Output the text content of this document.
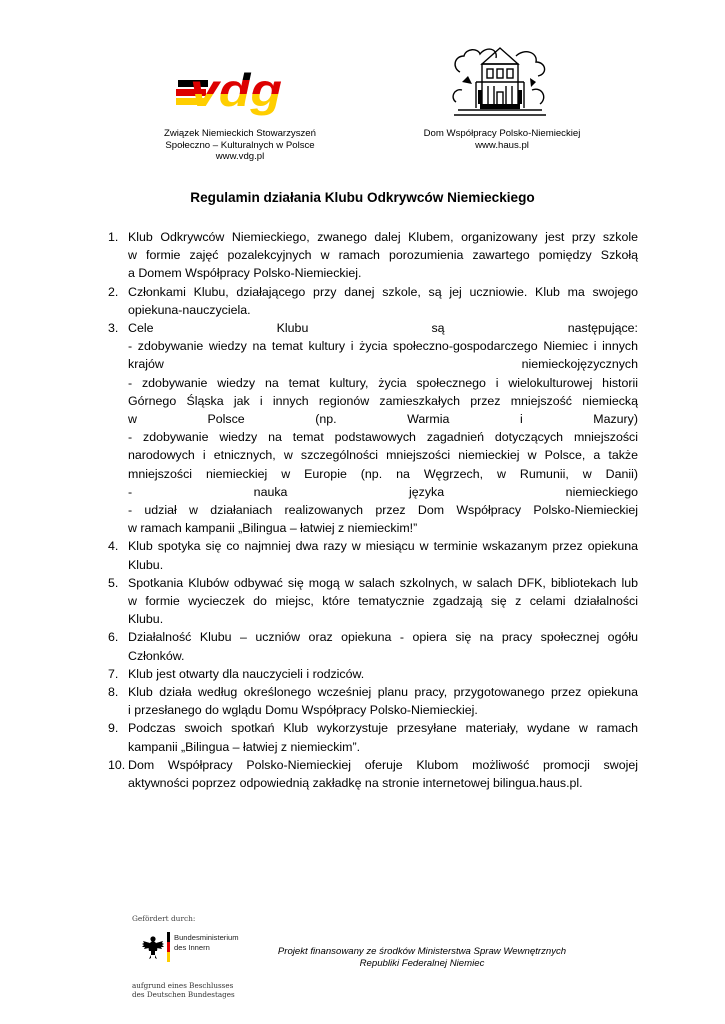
Związek Niemieckich Stowarzyszeń
Społeczno – Kulturalnych w Polsce
www.vdg.pl
Dom Współpracy Polsko-Niemieckiej
www.haus.pl
Regulamin działania Klubu Odkrywców Niemieckiego
1. Klub Odkrywców Niemieckiego, zwanego dalej Klubem, organizowany jest przy szkole
w formie zajęć pozalekcyjnych w ramach porozumienia zawartego pomiędzy Szkołą
a Domem Współpracy Polsko-Niemieckiej.
2. Członkami Klubu, działającego przy danej szkole, są jej uczniowie. Klub ma swojego
opiekuna-nauczyciela.
3. Cele Klubu są następujące:
- zdobywanie wiedzy na temat kultury i życia społeczno-gospodarczego Niemiec i innych
krajów niemieckojęzycznych
- zdobywanie wiedzy na temat kultury, życia społecznego i wielokulturowej historii
Górnego Śląska jak i innych regionów zamieszkałych przez mniejszość niemiecką
w Polsce (np. Warmia i Mazury)
- zdobywanie wiedzy na temat podstawowych zagadnień dotyczących mniejszości
narodowych i etnicznych, w szczególności mniejszości niemieckiej w Polsce, a także
mniejszości niemieckiej w Europie (np. na Węgrzech, w Rumunii, w Danii)
- nauka języka niemieckiego
- udział w działaniach realizowanych przez Dom Współpracy Polsko-Niemieckiej
w ramach kampanii „Bilingua – łatwiej z niemieckim!”
4. Klub spotyka się co najmniej dwa razy w miesiącu w terminie wskazanym przez opiekuna
Klubu.
5. Spotkania Klubów odbywać się mogą w salach szkolnych, w salach DFK, bibliotekach lub
w formie wycieczek do miejsc, które tematycznie zgadzają się z celami działalności
Klubu.
6. Działalność Klubu – uczniów oraz opiekuna - opiera się na pracy społecznej ogółu
Członków.
7. Klub jest otwarty dla nauczycieli i rodziców.
8. Klub działa według określonego wcześniej planu pracy, przygotowanego przez opiekuna
i przesłanego do wglądu Domu Współpracy Polsko-Niemieckiej.
9. Podczas swoich spotkań Klub wykorzystuje przesyłane materiały, wydane w ramach
kampanii „Bilingua – łatwiej z niemieckim”.
10. Dom Współpracy Polsko-Niemieckiej oferuje Klubom możliwość promocji swojej
aktywności poprzez odpowiednią zakładkę na stronie internetowej bilingua.haus.pl.
Gefördert durch:
Bundesministerium
des Innern
aufgrund eines Beschlusses
des Deutschen Bundestages
Projekt finansowany ze środków Ministerstwa Spraw Wewnętrznych
Republiki Federalnej Niemiec
